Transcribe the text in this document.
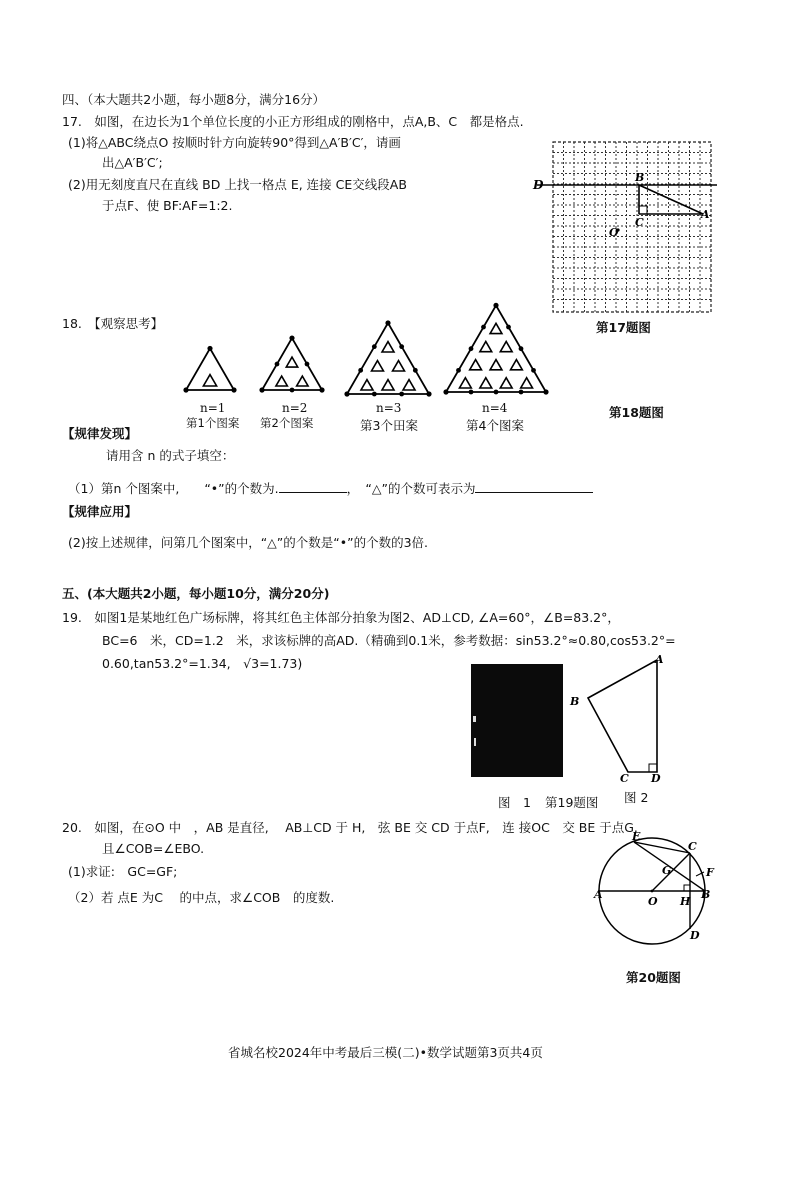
四、（本大题共2小题，每小题8分，满分16分）
17.　如图，在边长为1个单位长度的小正方形组成的刚格中，点A,B、C　都是格点.
(1)将△ABC绕点O 按顺时针方向旋转90°得到△A′B′C′，请画
出△A′B′C′;
(2)用无刻度直尺在直线 BD 上找一格点 E, 连接 CE交线段AB
于点F、使 BF:AF=1:2.
D
B
A
C
O
第17题图
18.　【观察思考】
n=1
第1个图案
n=2
第2个图案
n=3
第3个田案
n=4
第4个图案
第18题图
【规律发现】
请用含 n 的式子填空：
（1）第n 个图案中,　　“•”的个数为.	，　“△”的个数可表示为
【规律应用】
(2)按上述规律，问第几个图案中，“△”的个数是“•”的个数的3倍.
五、(本大题共2小题，每小题10分，满分20分)
19.　如图1是某地红色广场标牌，将其红色主体部分拍象为图2、AD⊥CD, ∠A=60°，∠B=83.2°，
BC=6　米，CD=1.2　米，求该标牌的高AD.（精确到0.1米，参考数据：sin53.2°≈0.80,cos53.2°=
0.60,tan53.2°=1.34,　√3=1.73)	A
B
C D
图　1 第19题图 图 2
20.　如图，在⊙O 中　，AB 是直径,　 AB⊥CD 于 H,　弦 BE 交 CD 于点F,　连 接OC　交 BE 于点G.
且∠COB=∠EBO.
(1)求证:　GC=GF;
（2）若 点E 为C　 的中点，求∠COB　的度数.
E
C
F
G
A
O H
B
D
第20题图
省城名校2024年中考最后三模(二)•数学试题第3页共4页
